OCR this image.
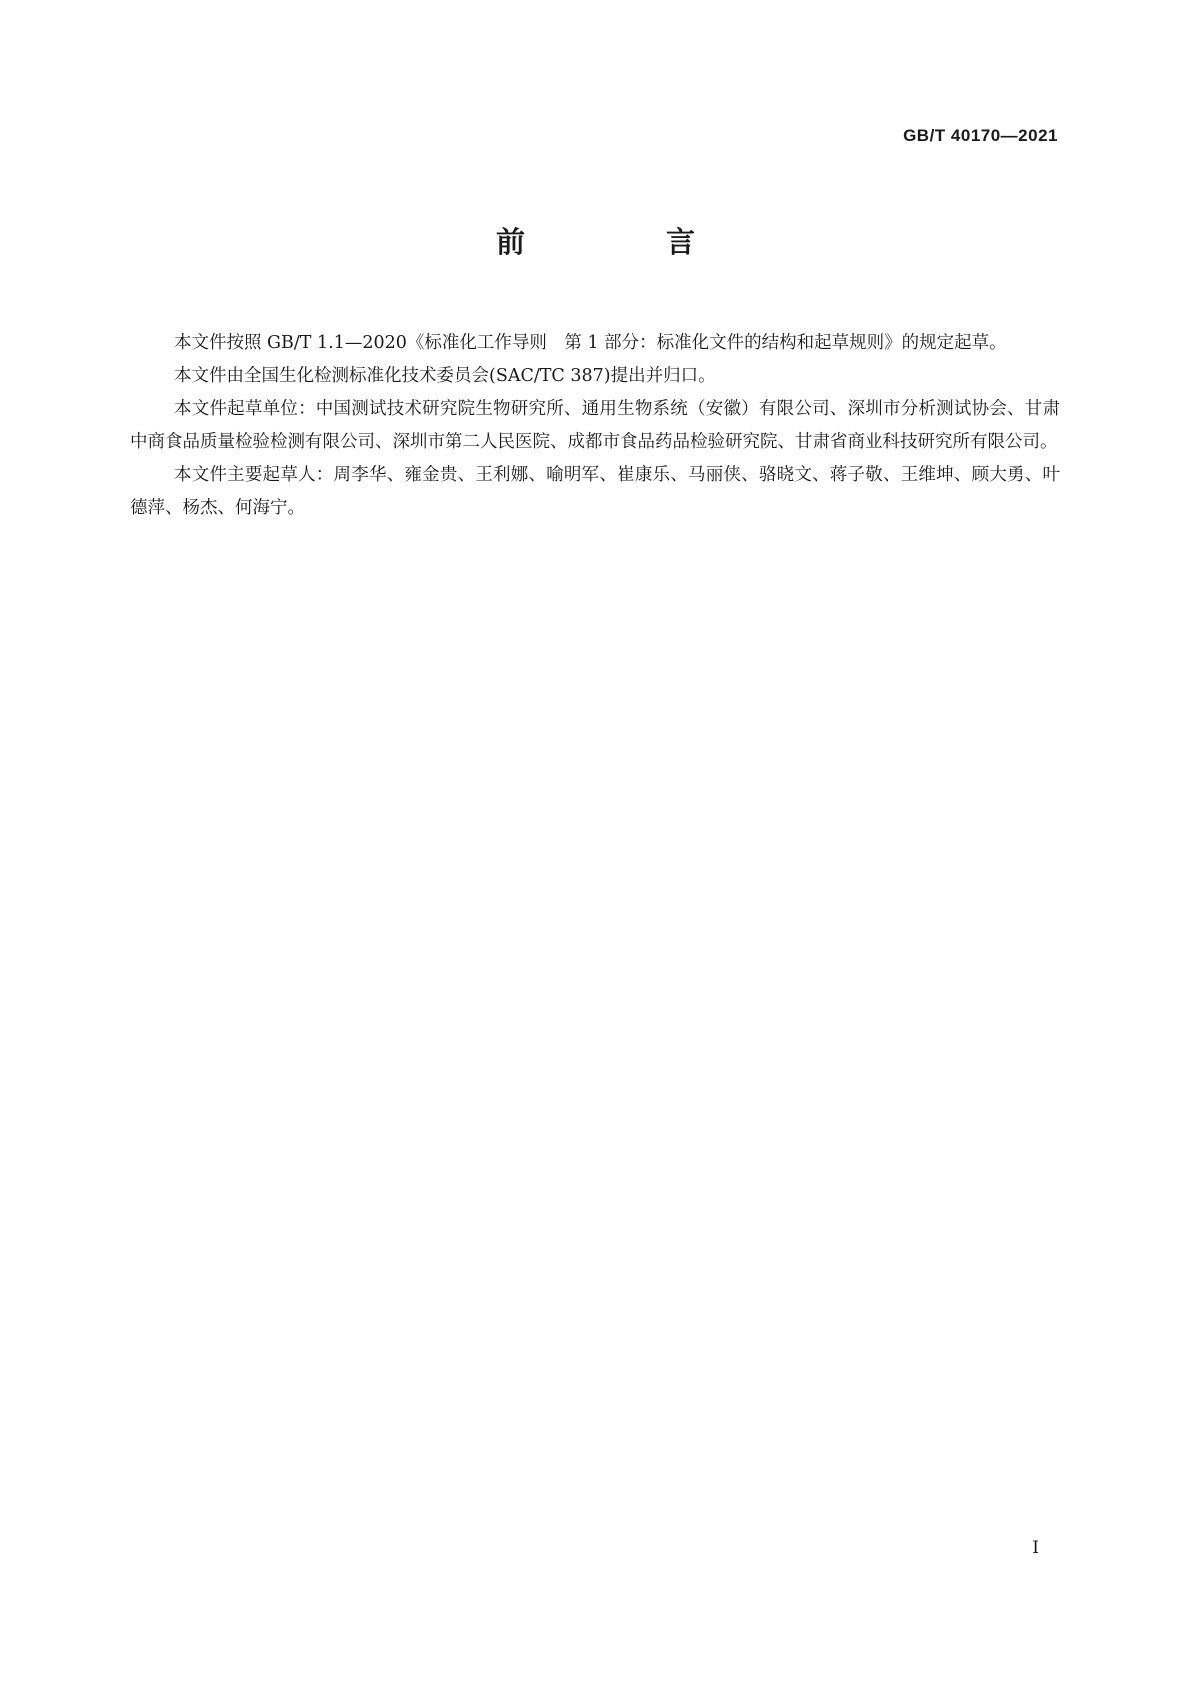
GB/T 40170—2021
前　言

本文件按照 GB/T 1.1—2020《标准化工作导则　第 1 部分：标准化文件的结构和起草规则》的规定起草。

本文件由全国生化检测标准化技术委员会(SAC/TC 387)提出并归口。

本文件起草单位：中国测试技术研究院生物研究所、通用生物系统（安徽）有限公司、深圳市分析测试协会、甘肃中商食品质量检验检测有限公司、深圳市第二人民医院、成都市食品药品检验研究院、甘肃省商业科技研究所有限公司。

本文件主要起草人：周李华、雍金贵、王利娜、喻明军、崔康乐、马丽侠、骆晓文、蒋子敬、王维坤、顾大勇、叶德萍、杨杰、何海宁。

I
